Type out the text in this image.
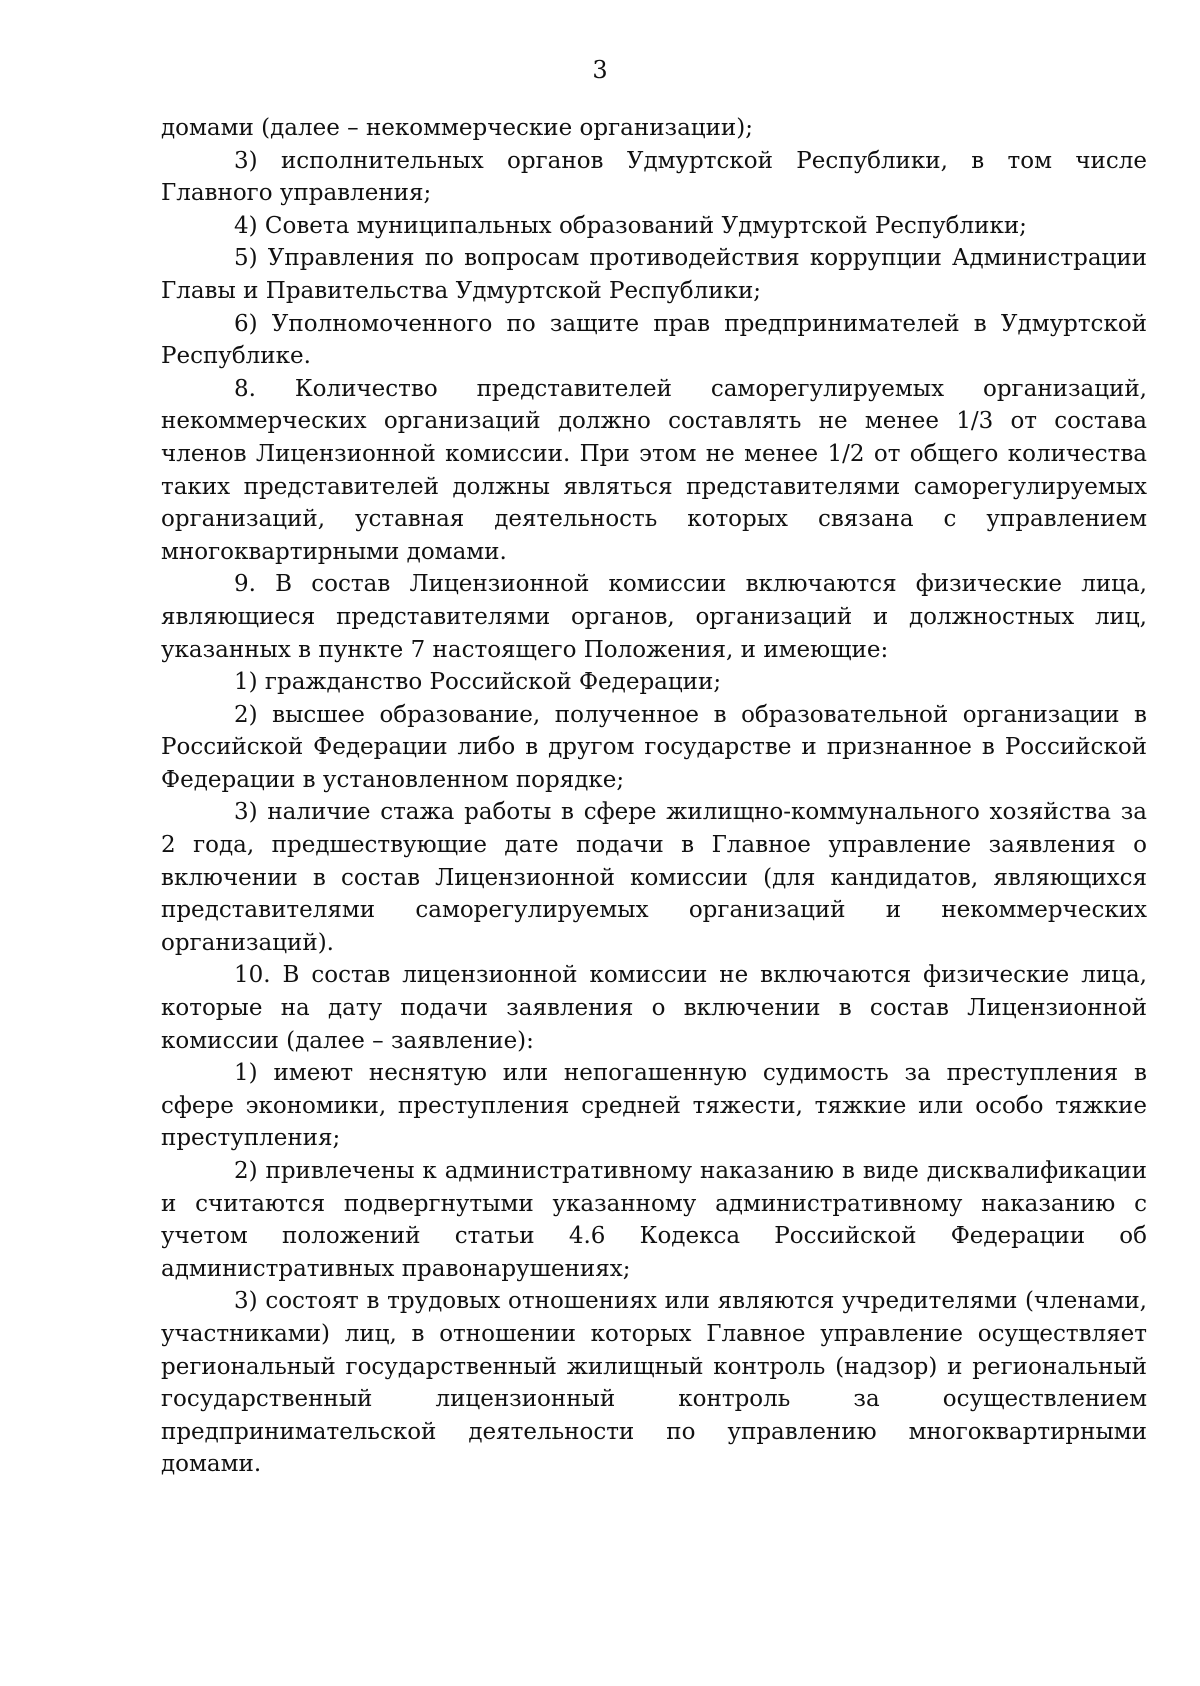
3

домами (далее – некоммерческие организации);

3) исполнительных органов Удмуртской Республики, в том числе Главного управления;

4) Совета муниципальных образований Удмуртской Республики;

5) Управления по вопросам противодействия коррупции Администрации Главы и Правительства Удмуртской Республики;

6) Уполномоченного по защите прав предпринимателей в Удмуртской Республике.

8. Количество представителей саморегулируемых организаций, некоммерческих организаций должно составлять не менее 1/3 от состава членов Лицензионной комиссии. При этом не менее 1/2 от общего количества таких представителей должны являться представителями саморегулируемых организаций, уставная деятельность которых связана с управлением многоквартирными домами.

9. В состав Лицензионной комиссии включаются физические лица, являющиеся представителями органов, организаций и должностных лиц, указанных в пункте 7 настоящего Положения, и имеющие:

1) гражданство Российской Федерации;

2) высшее образование, полученное в образовательной организации в Российской Федерации либо в другом государстве и признанное в Российской Федерации в установленном порядке;

3) наличие стажа работы в сфере жилищно-коммунального хозяйства за 2 года, предшествующие дате подачи в Главное управление заявления о включении в состав Лицензионной комиссии (для кандидатов, являющихся представителями саморегулируемых организаций и некоммерческих организаций).

10. В состав лицензионной комиссии не включаются физические лица, которые на дату подачи заявления о включении в состав Лицензионной комиссии (далее – заявление):

1) имеют неснятую или непогашенную судимость за преступления в сфере экономики, преступления средней тяжести, тяжкие или особо тяжкие преступления;

2) привлечены к административному наказанию в виде дисквалификации и считаются подвергнутыми указанному административному наказанию с учетом положений статьи 4.6 Кодекса Российской Федерации об административных правонарушениях;

3) состоят в трудовых отношениях или являются учредителями (членами, участниками) лиц, в отношении которых Главное управление осуществляет региональный государственный жилищный контроль (надзор) и региональный государственный лицензионный контроль за осуществлением предпринимательской деятельности по управлению многоквартирными домами.
